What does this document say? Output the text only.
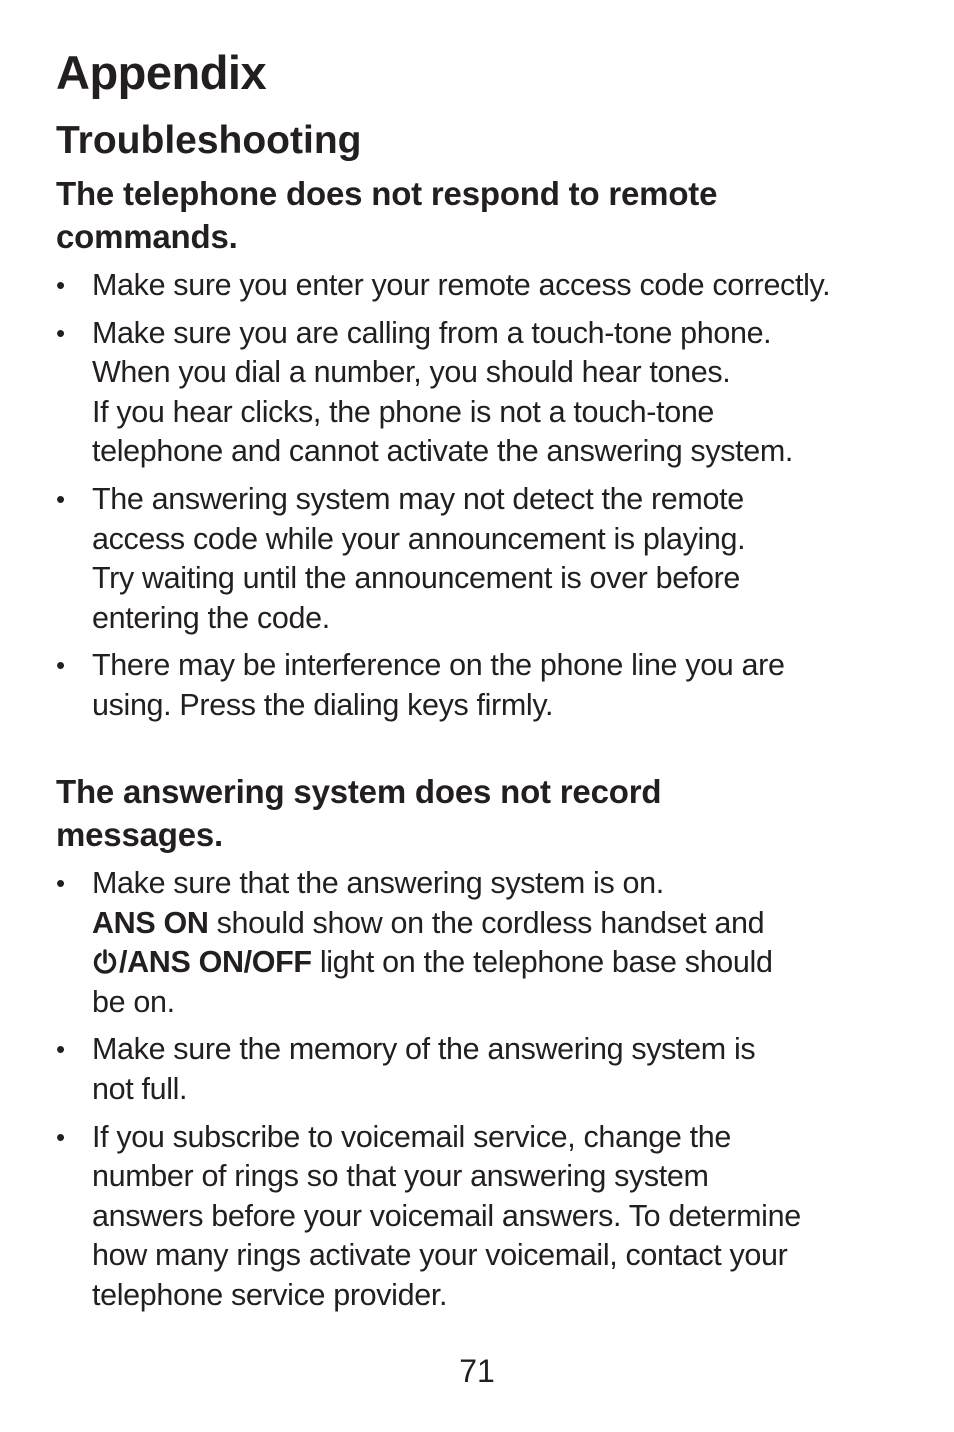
Appendix
Troubleshooting
The telephone does not respond to remote
commands.
• Make sure you enter your remote access code correctly.
• Make sure you are calling from a touch-tone phone.
When you dial a number, you should hear tones.
If you hear clicks, the phone is not a touch-tone
telephone and cannot activate the answering system.
• The answering system may not detect the remote
access code while your announcement is playing.
Try waiting until the announcement is over before
entering the code.
• There may be interference on the phone line you are
using. Press the dialing keys firmly.
The answering system does not record
messages.
• Make sure that the answering system is on.
ANS ON should show on the cordless handset and
/ANS ON/OFF light on the telephone base should
be on.
• Make sure the memory of the answering system is
not full.
• If you subscribe to voicemail service, change the
number of rings so that your answering system
answers before your voicemail answers. To determine
how many rings activate your voicemail, contact your
telephone service provider.
71
